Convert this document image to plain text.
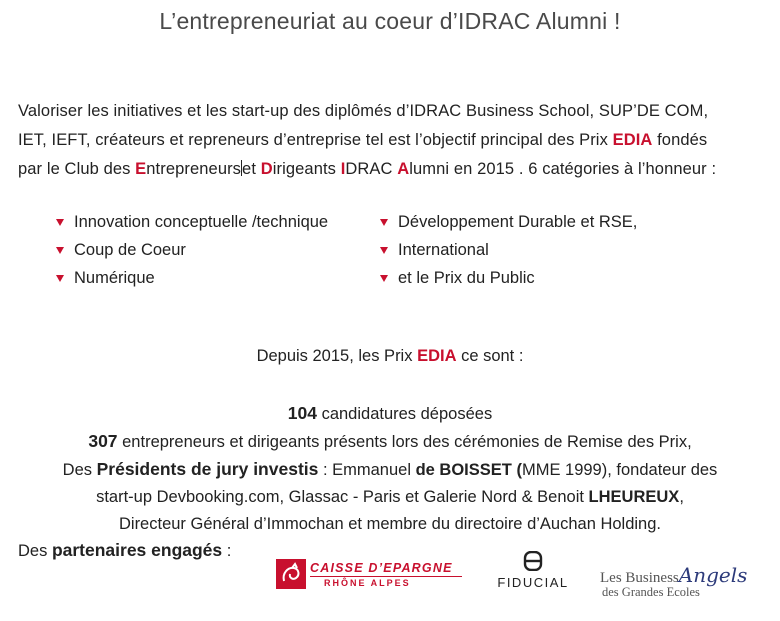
L’entrepreneuriat au coeur d’IDRAC Alumni !
Valoriser les initiatives et les start-up des diplômés d’IDRAC Business School, SUP’DE COM,
IET, IEFT, créateurs et repreneurs d’entreprise tel est l’objectif principal des Prix EDIA fondés
par le Club des Entrepreneurset Dirigeants IDRAC Alumni en 2015 . 6 catégories à l’honneur :
Innovation conceptuelle /technique
Coup de Coeur
Numérique
Développement Durable et RSE,
International
et le Prix du Public
Depuis 2015, les Prix EDIA ce sont :
104 candidatures déposées
307 entrepreneurs et dirigeants présents lors des cérémonies de Remise des Prix,
Des Présidents de jury investis : Emmanuel de BOISSET (MME 1999), fondateur des
start-up Devbooking.com, Glassac - Paris et Galerie Nord & Benoit LHEUREUX,
Directeur Général d’Immochan et membre du directoire d’Auchan Holding.
Des partenaires engagés :
CAISSE D’EPARGNE
RHÔNE ALPES	FIDUCIAL	Les BusinessAngels
des Grandes Ecoles
